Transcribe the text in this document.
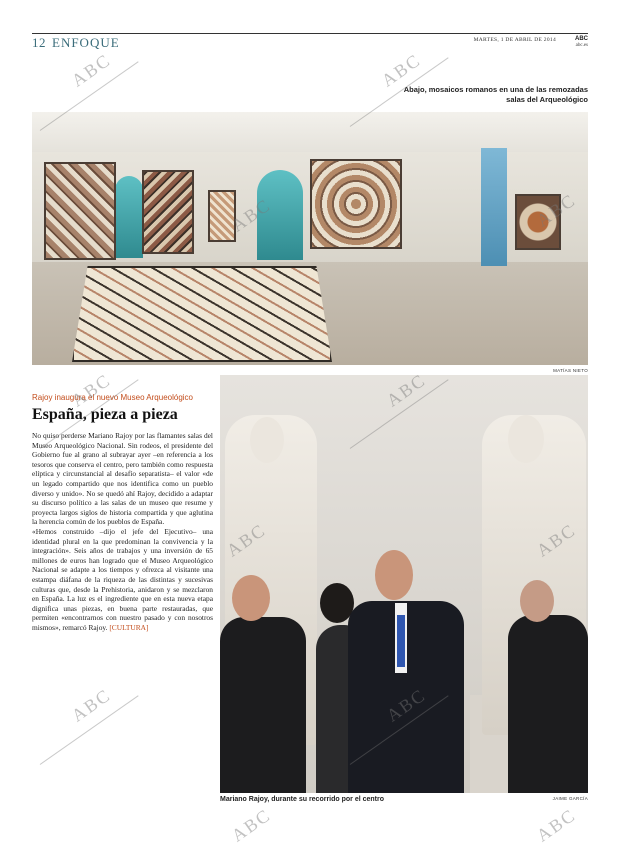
12 ENFOQUE	MARTES, 1 DE ABRIL DE 2014	ABC
abc.es
Abajo, mosaicos romanos en una de las remozadas salas del Arqueológico
MATÍAS NIETO
Rajoy inaugura el nuevo Museo Arqueológico
España, pieza a pieza

No quiso perderse Mariano Rajoy por las flamantes salas del Museo Arqueológico Nacional. Sin rodeos, el presidente del Gobierno fue al grano al subrayar ayer –en referencia a los tesoros que conserva el centro, pero también como respuesta elíptica y circunstancial al desafío separatista– el valor «de un legado compartido que nos identifica como un pueblo diverso y unido». No se quedó ahí Rajoy, decidido a adaptar su discurso político a las salas de un museo que resume y proyecta largos siglos de historia compartida y que aglutina la herencia común de los pueblos de España.

«Hemos construido –dijo el jefe del Ejecutivo– una identidad plural en la que predominan la convivencia y la integración». Seis años de trabajos y una inversión de 65 millones de euros han logrado que el Museo Arqueológico Nacional se adapte a los tiempos y ofrezca al visitante una estampa diáfana de la riqueza de las distintas y sucesivas culturas que, desde la Prehistoria, anidaron y se mezclaron en España. La luz es el ingrediente que en esta nueva etapa dignifica unas piezas, en buena parte restauradas, que permiten «encontrarnos con nuestro pasado y con nosotros mismos», remarcó Rajoy. [CULTURA]

Mariano Rajoy, durante su recorrido por el centro	JAIME GARCÍA
ABC	ABC
ABC	ABC
ABC	ABC
ABC	ABC
ABC	ABC
ABC	ABC
